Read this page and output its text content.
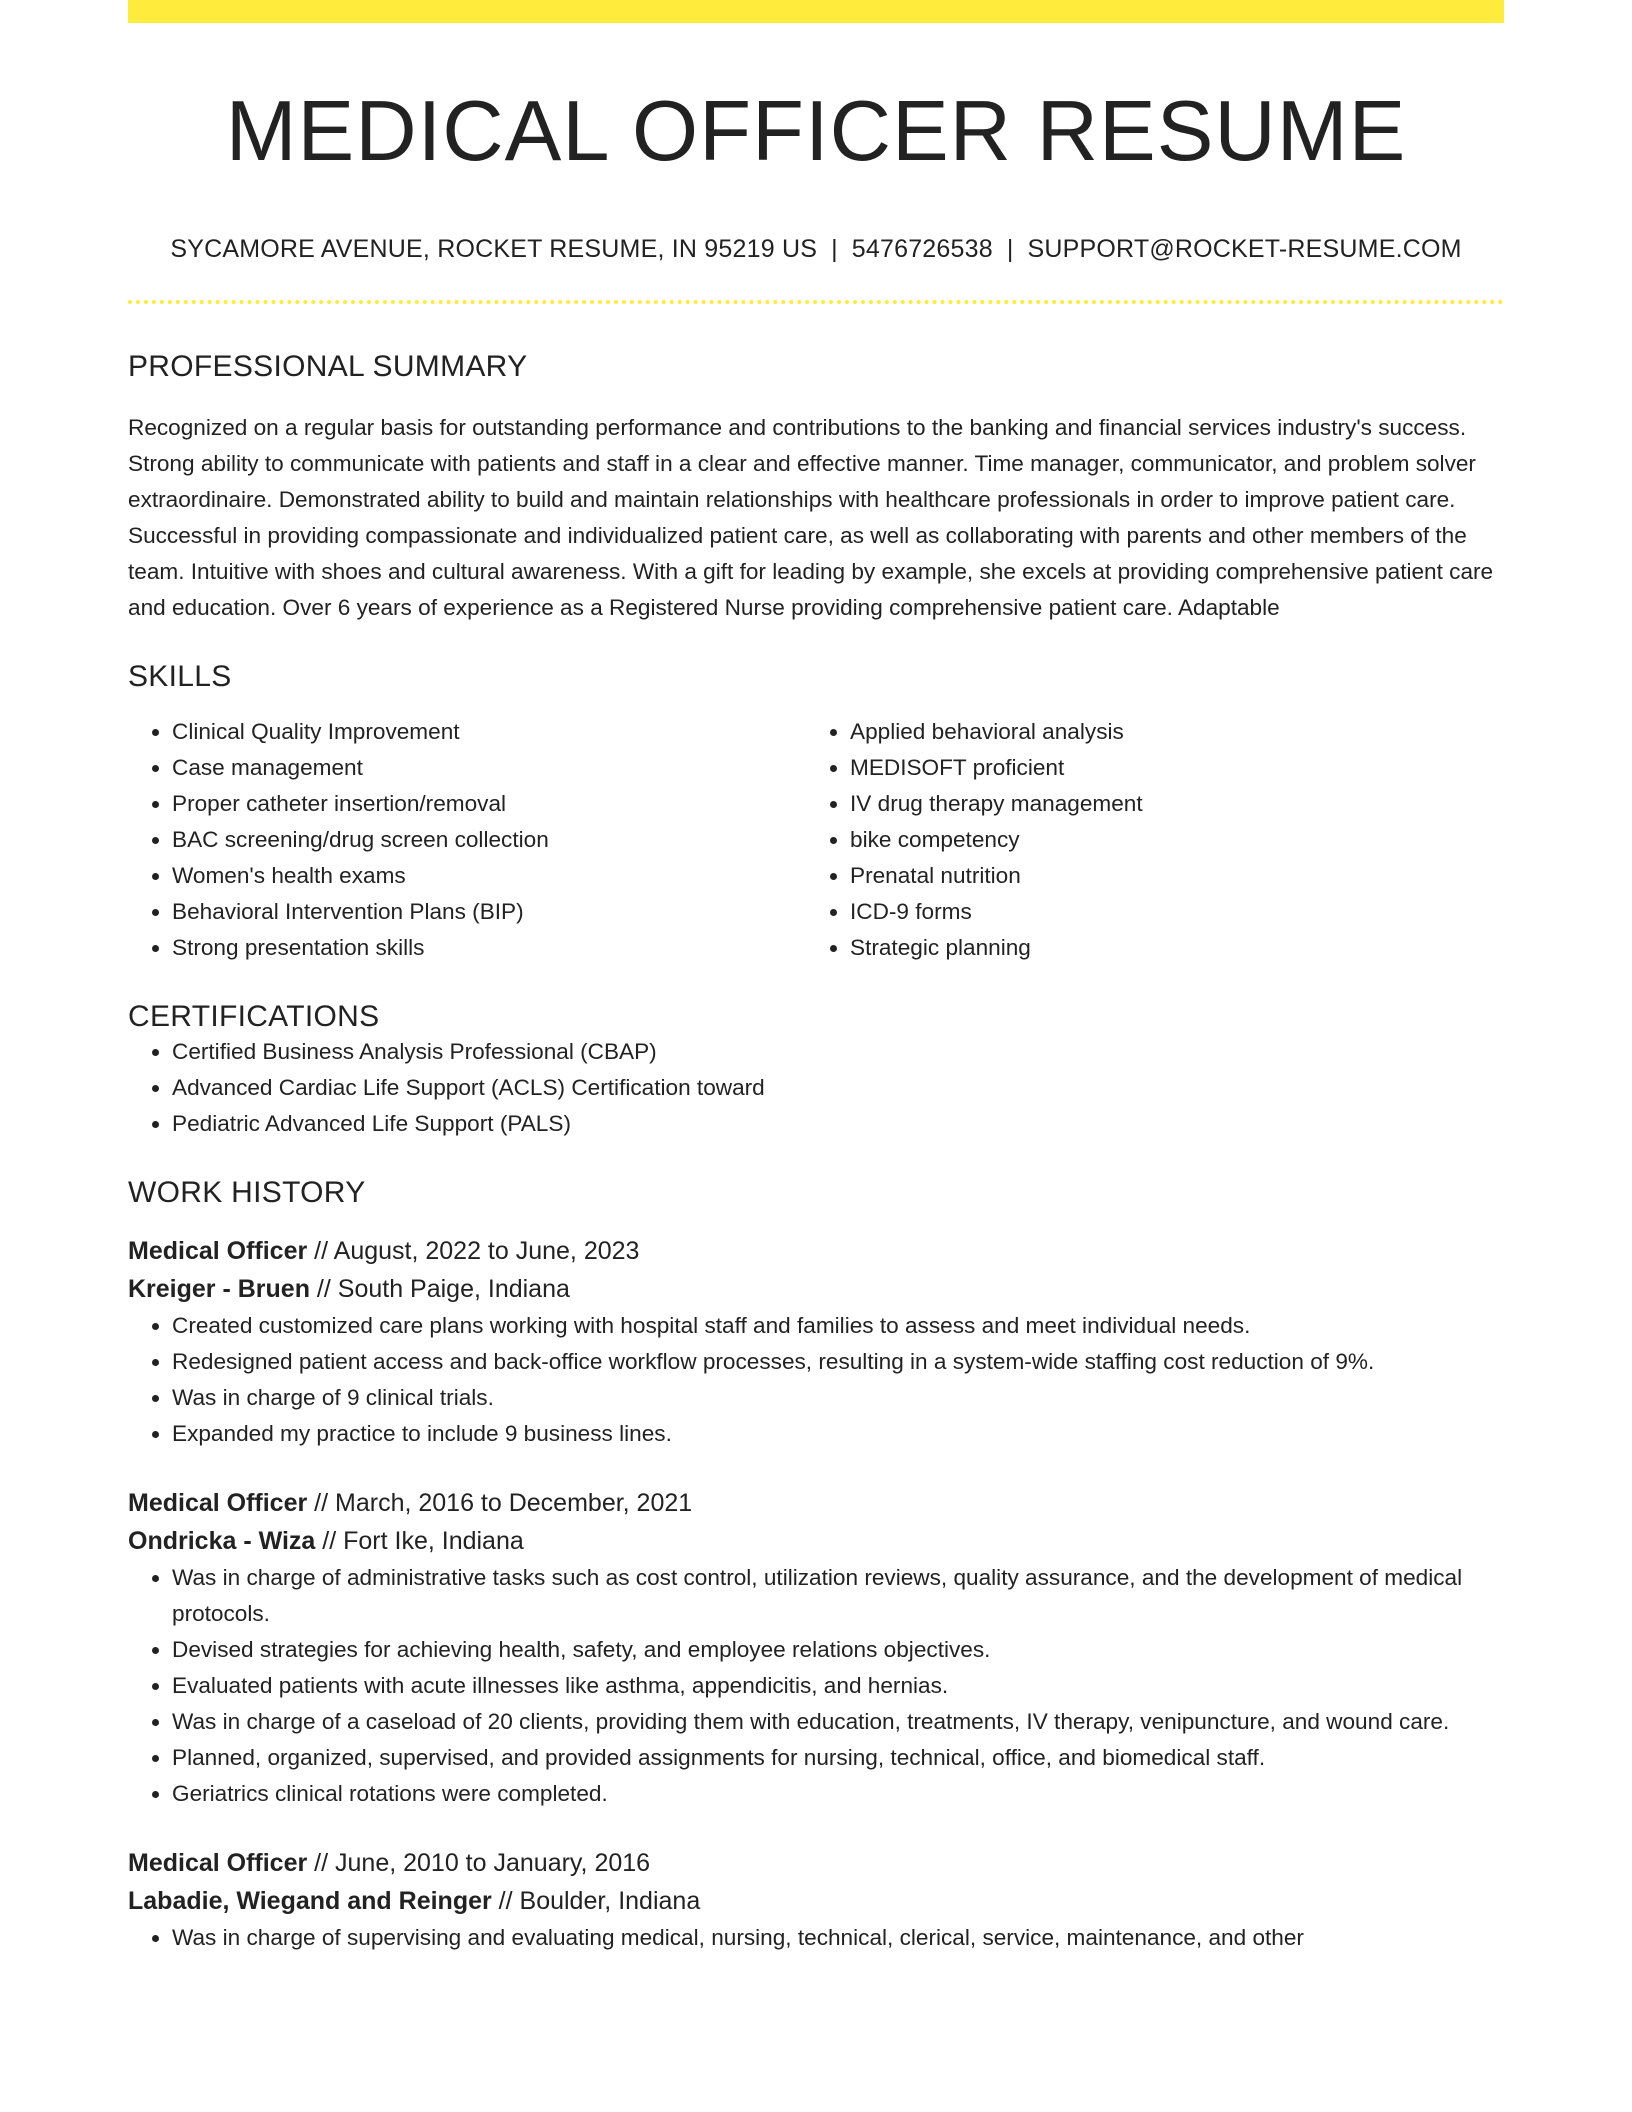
MEDICAL OFFICER RESUME
SYCAMORE AVENUE, ROCKET RESUME, IN 95219 US | 5476726538 | SUPPORT@ROCKET-RESUME.COM
PROFESSIONAL SUMMARY

Recognized on a regular basis for outstanding performance and contributions to the banking and financial services industry's success. Strong ability to communicate with patients and staff in a clear and effective manner. Time manager, communicator, and problem solver extraordinaire. Demonstrated ability to build and maintain relationships with healthcare professionals in order to improve patient care. Successful in providing compassionate and individualized patient care, as well as collaborating with parents and other members of the team. Intuitive with shoes and cultural awareness. With a gift for leading by example, she excels at providing comprehensive patient care and education. Over 6 years of experience as a Registered Nurse providing comprehensive patient care. Adaptable

SKILLS
• Clinical Quality Improvement
• Case management
• Proper catheter insertion/removal
• BAC screening/drug screen collection
• Women's health exams
• Behavioral Intervention Plans (BIP)
• Strong presentation skills
• Applied behavioral analysis
• MEDISOFT proficient
• IV drug therapy management
• bike competency
• Prenatal nutrition
• ICD-9 forms
• Strategic planning
CERTIFICATIONS
• Certified Business Analysis Professional (CBAP)
• Advanced Cardiac Life Support (ACLS) Certification toward
• Pediatric Advanced Life Support (PALS)
WORK HISTORY
Medical Officer // August, 2022 to June, 2023
Kreiger - Bruen // South Paige, Indiana
• Created customized care plans working with hospital staff and families to assess and meet individual needs.
• Redesigned patient access and back-office workflow processes, resulting in a system-wide staffing cost reduction of 9%.
• Was in charge of 9 clinical trials.
• Expanded my practice to include 9 business lines.
Medical Officer // March, 2016 to December, 2021
Ondricka - Wiza // Fort Ike, Indiana
• Was in charge of administrative tasks such as cost control, utilization reviews, quality assurance, and the development of medical protocols.
• Devised strategies for achieving health, safety, and employee relations objectives.
• Evaluated patients with acute illnesses like asthma, appendicitis, and hernias.
• Was in charge of a caseload of 20 clients, providing them with education, treatments, IV therapy, venipuncture, and wound care.
• Planned, organized, supervised, and provided assignments for nursing, technical, office, and biomedical staff.
• Geriatrics clinical rotations were completed.
Medical Officer // June, 2010 to January, 2016
Labadie, Wiegand and Reinger // Boulder, Indiana
• Was in charge of supervising and evaluating medical, nursing, technical, clerical, service, maintenance, and other
